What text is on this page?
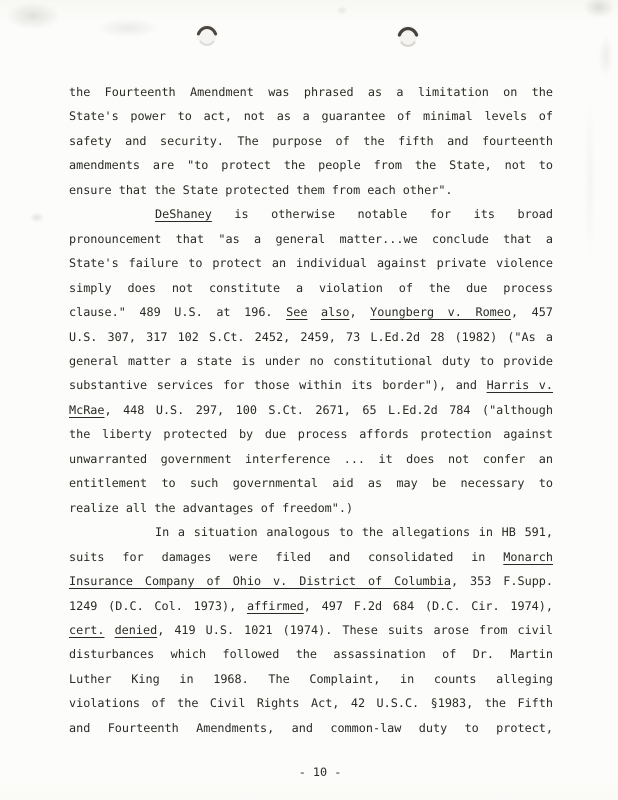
the Fourteenth Amendment was phrased as a limitation on the
State's power to act, not as a guarantee of minimal levels of
safety and security. The purpose of the fifth and fourteenth
amendments are "to protect the people from the State, not to
ensure that the State protected them from each other".
DeShaney is otherwise notable for its broad
pronouncement that "as a general matter...we conclude that a
State's failure to protect an individual against private violence
simply does not constitute a violation of the due process
clause." 489 U.S. at 196. See also, Youngberg v. Romeo, 457
U.S. 307, 317 102 S.Ct. 2452, 2459, 73 L.Ed.2d 28 (1982) ("As a
general matter a state is under no constitutional duty to provide
substantive services for those within its border"), and Harris v.
McRae, 448 U.S. 297, 100 S.Ct. 2671, 65 L.Ed.2d 784 ("although
the liberty protected by due process affords protection against
unwarranted government interference ... it does not confer an
entitlement to such governmental aid as may be necessary to
realize all the advantages of freedom".)
In a situation analogous to the allegations in HB 591,
suits for damages were filed and consolidated in Monarch
Insurance Company of Ohio v. District of Columbia, 353 F.Supp.
1249 (D.C. Col. 1973), affirmed, 497 F.2d 684 (D.C. Cir. 1974),
cert. denied, 419 U.S. 1021 (1974). These suits arose from civil
disturbances which followed the assassination of Dr. Martin
Luther King in 1968. The Complaint, in counts alleging
violations of the Civil Rights Act, 42 U.S.C. §1983, the Fifth
and Fourteenth Amendments, and common-law duty to protect,
- 10 -
